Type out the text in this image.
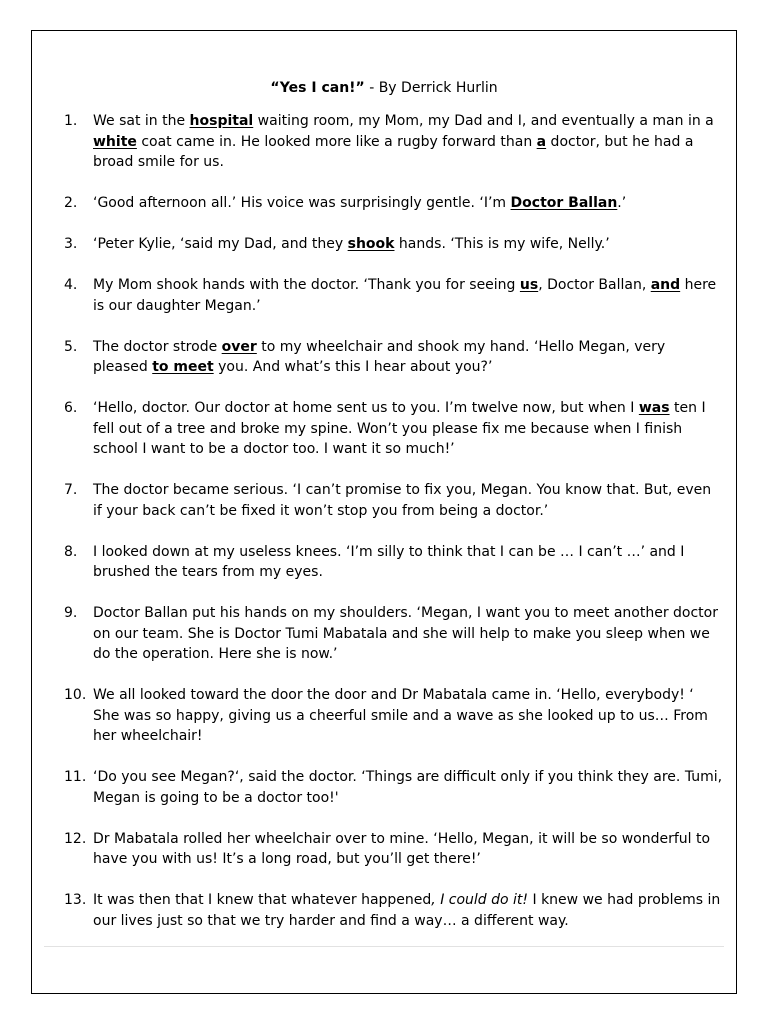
“Yes I can!” - By Derrick Hurlin
1.	We sat in the hospital waiting room, my Mom, my Dad and I, and eventually a man in a white coat came in. He looked more like a rugby forward than a doctor, but he had a broad smile for us.
2.	‘Good afternoon all.’ His voice was surprisingly gentle. ‘I’m Doctor Ballan.’
3.	‘Peter Kylie, ‘said my Dad, and they shook hands. ‘This is my wife, Nelly.’
4.	My Mom shook hands with the doctor. ‘Thank you for seeing us, Doctor Ballan, and here is our daughter Megan.’
5.	The doctor strode over to my wheelchair and shook my hand. ‘Hello Megan, very pleased to meet you. And what’s this I hear about you?’
6.	‘Hello, doctor. Our doctor at home sent us to you. I’m twelve now, but when I was ten I fell out of a tree and broke my spine. Won’t you please fix me because when I finish school I want to be a doctor too. I want it so much!’
7.	The doctor became serious. ‘I can’t promise to fix you, Megan. You know that. But, even if your back can’t be fixed it won’t stop you from being a doctor.’
8.	I looked down at my useless knees. ‘I’m silly to think that I can be … I can’t …’ and I brushed the tears from my eyes.
9.	Doctor Ballan put his hands on my shoulders. ‘Megan, I want you to meet another doctor on our team. She is Doctor Tumi Mabatala and she will help to make you sleep when we do the operation. Here she is now.’
10. We all looked toward the door the door and Dr Mabatala came in. ‘Hello, everybody! ‘ She was so happy, giving us a cheerful smile and a wave as she looked up to us… From her wheelchair!
11. ‘Do you see Megan?‘, said the doctor. ‘Things are difficult only if you think they are. Tumi, Megan is going to be a doctor too!'
12. Dr Mabatala rolled her wheelchair over to mine. ‘Hello, Megan, it will be so wonderful to have you with us! It’s a long road, but you’ll get there!’
13. It was then that I knew that whatever happened, I could do it! I knew we had problems in our lives just so that we try harder and find a way… a different way.
